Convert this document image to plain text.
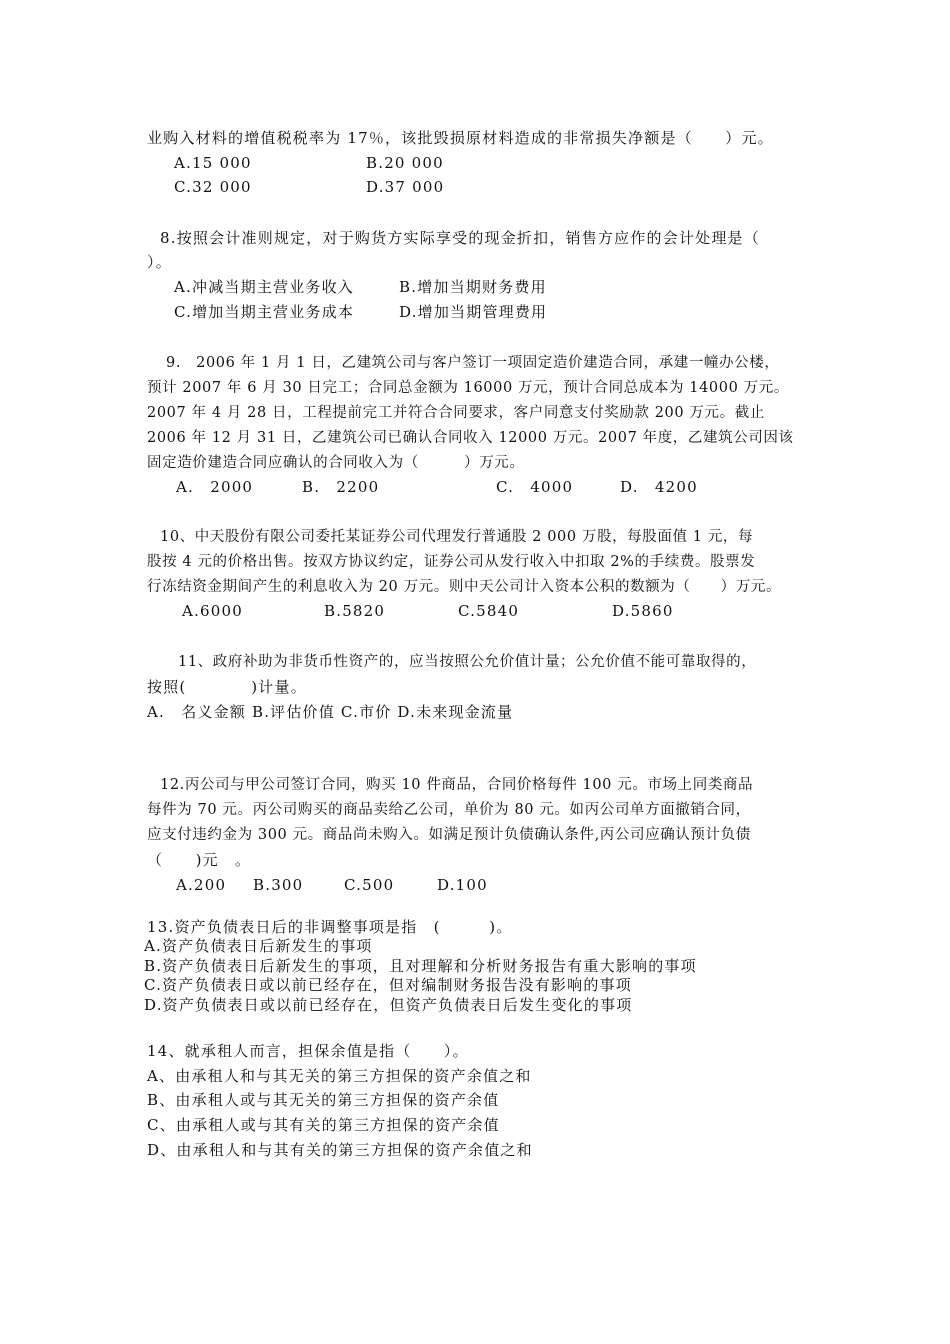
业购入材料的增值税税率为 17％，该批毁损原材料造成的非常损失净额是（　　）元。
A.15 000	B.20 000
C.32 000	D.37 000
8.按照会计准则规定，对于购货方实际享受的现金折扣，销售方应作的会计处理是（
）。
A.冲减当期主营业务收入	B.增加当期财务费用
C.增加当期主营业务成本	D.增加当期管理费用
9.　2006 年 1 月 1 日，乙建筑公司与客户签订一项固定造价建造合同，承建一幢办公楼，
预计 2007 年 6 月 30 日完工；合同总金额为 16000 万元，预计合同总成本为 14000 万元。
2007 年 4 月 28 日，工程提前完工并符合合同要求，客户同意支付奖励款 200 万元。截止
2006 年 12 月 31 日，乙建筑公司已确认合同收入 12000 万元。2007 年度，乙建筑公司因该
固定造价建造合同应确认的合同收入为（　　　）万元。
A.　2000	B.　2200	C.　4000	D.　4200
10、中天股份有限公司委托某证券公司代理发行普通股 2 000 万股，每股面值 1 元，每
股按 4 元的价格出售。按双方协议约定，证券公司从发行收入中扣取 2%的手续费。股票发
行冻结资金期间产生的利息收入为 20 万元。则中天公司计入资本公积的数额为（　　）万元。
A.6000	B.5820	C.5840	D.5860
11、政府补助为非货币性资产的，应当按照公允价值计量；公允价值不能可靠取得的，
按照(　　　　)计量。
A.　名义金额 B.评估价值 C.市价 D.未来现金流量
12.丙公司与甲公司签订合同，购买 10 件商品，合同价格每件 100 元。市场上同类商品
每件为 70 元。丙公司购买的商品卖给乙公司，单价为 80 元。如丙公司单方面撤销合同，
应支付违约金为 300 元。商品尚未购入。如满足预计负债确认条件,丙公司应确认预计负债
（　　)元　。
A.200 B.300	C.500	D.100
13.资产负债表日后的非调整事项是指　(　　　)。
A.资产负债表日后新发生的事项
B.资产负债表日后新发生的事项，且对理解和分析财务报告有重大影响的事项
C.资产负债表日或以前已经存在，但对编制财务报告没有影响的事项
D.资产负债表日或以前已经存在，但资产负债表日后发生变化的事项
14、就承租人而言，担保余值是指（　　）。
A、由承租人和与其无关的第三方担保的资产余值之和
B、由承租人或与其无关的第三方担保的资产余值
C、由承租人或与其有关的第三方担保的资产余值
D、由承租人和与其有关的第三方担保的资产余值之和
